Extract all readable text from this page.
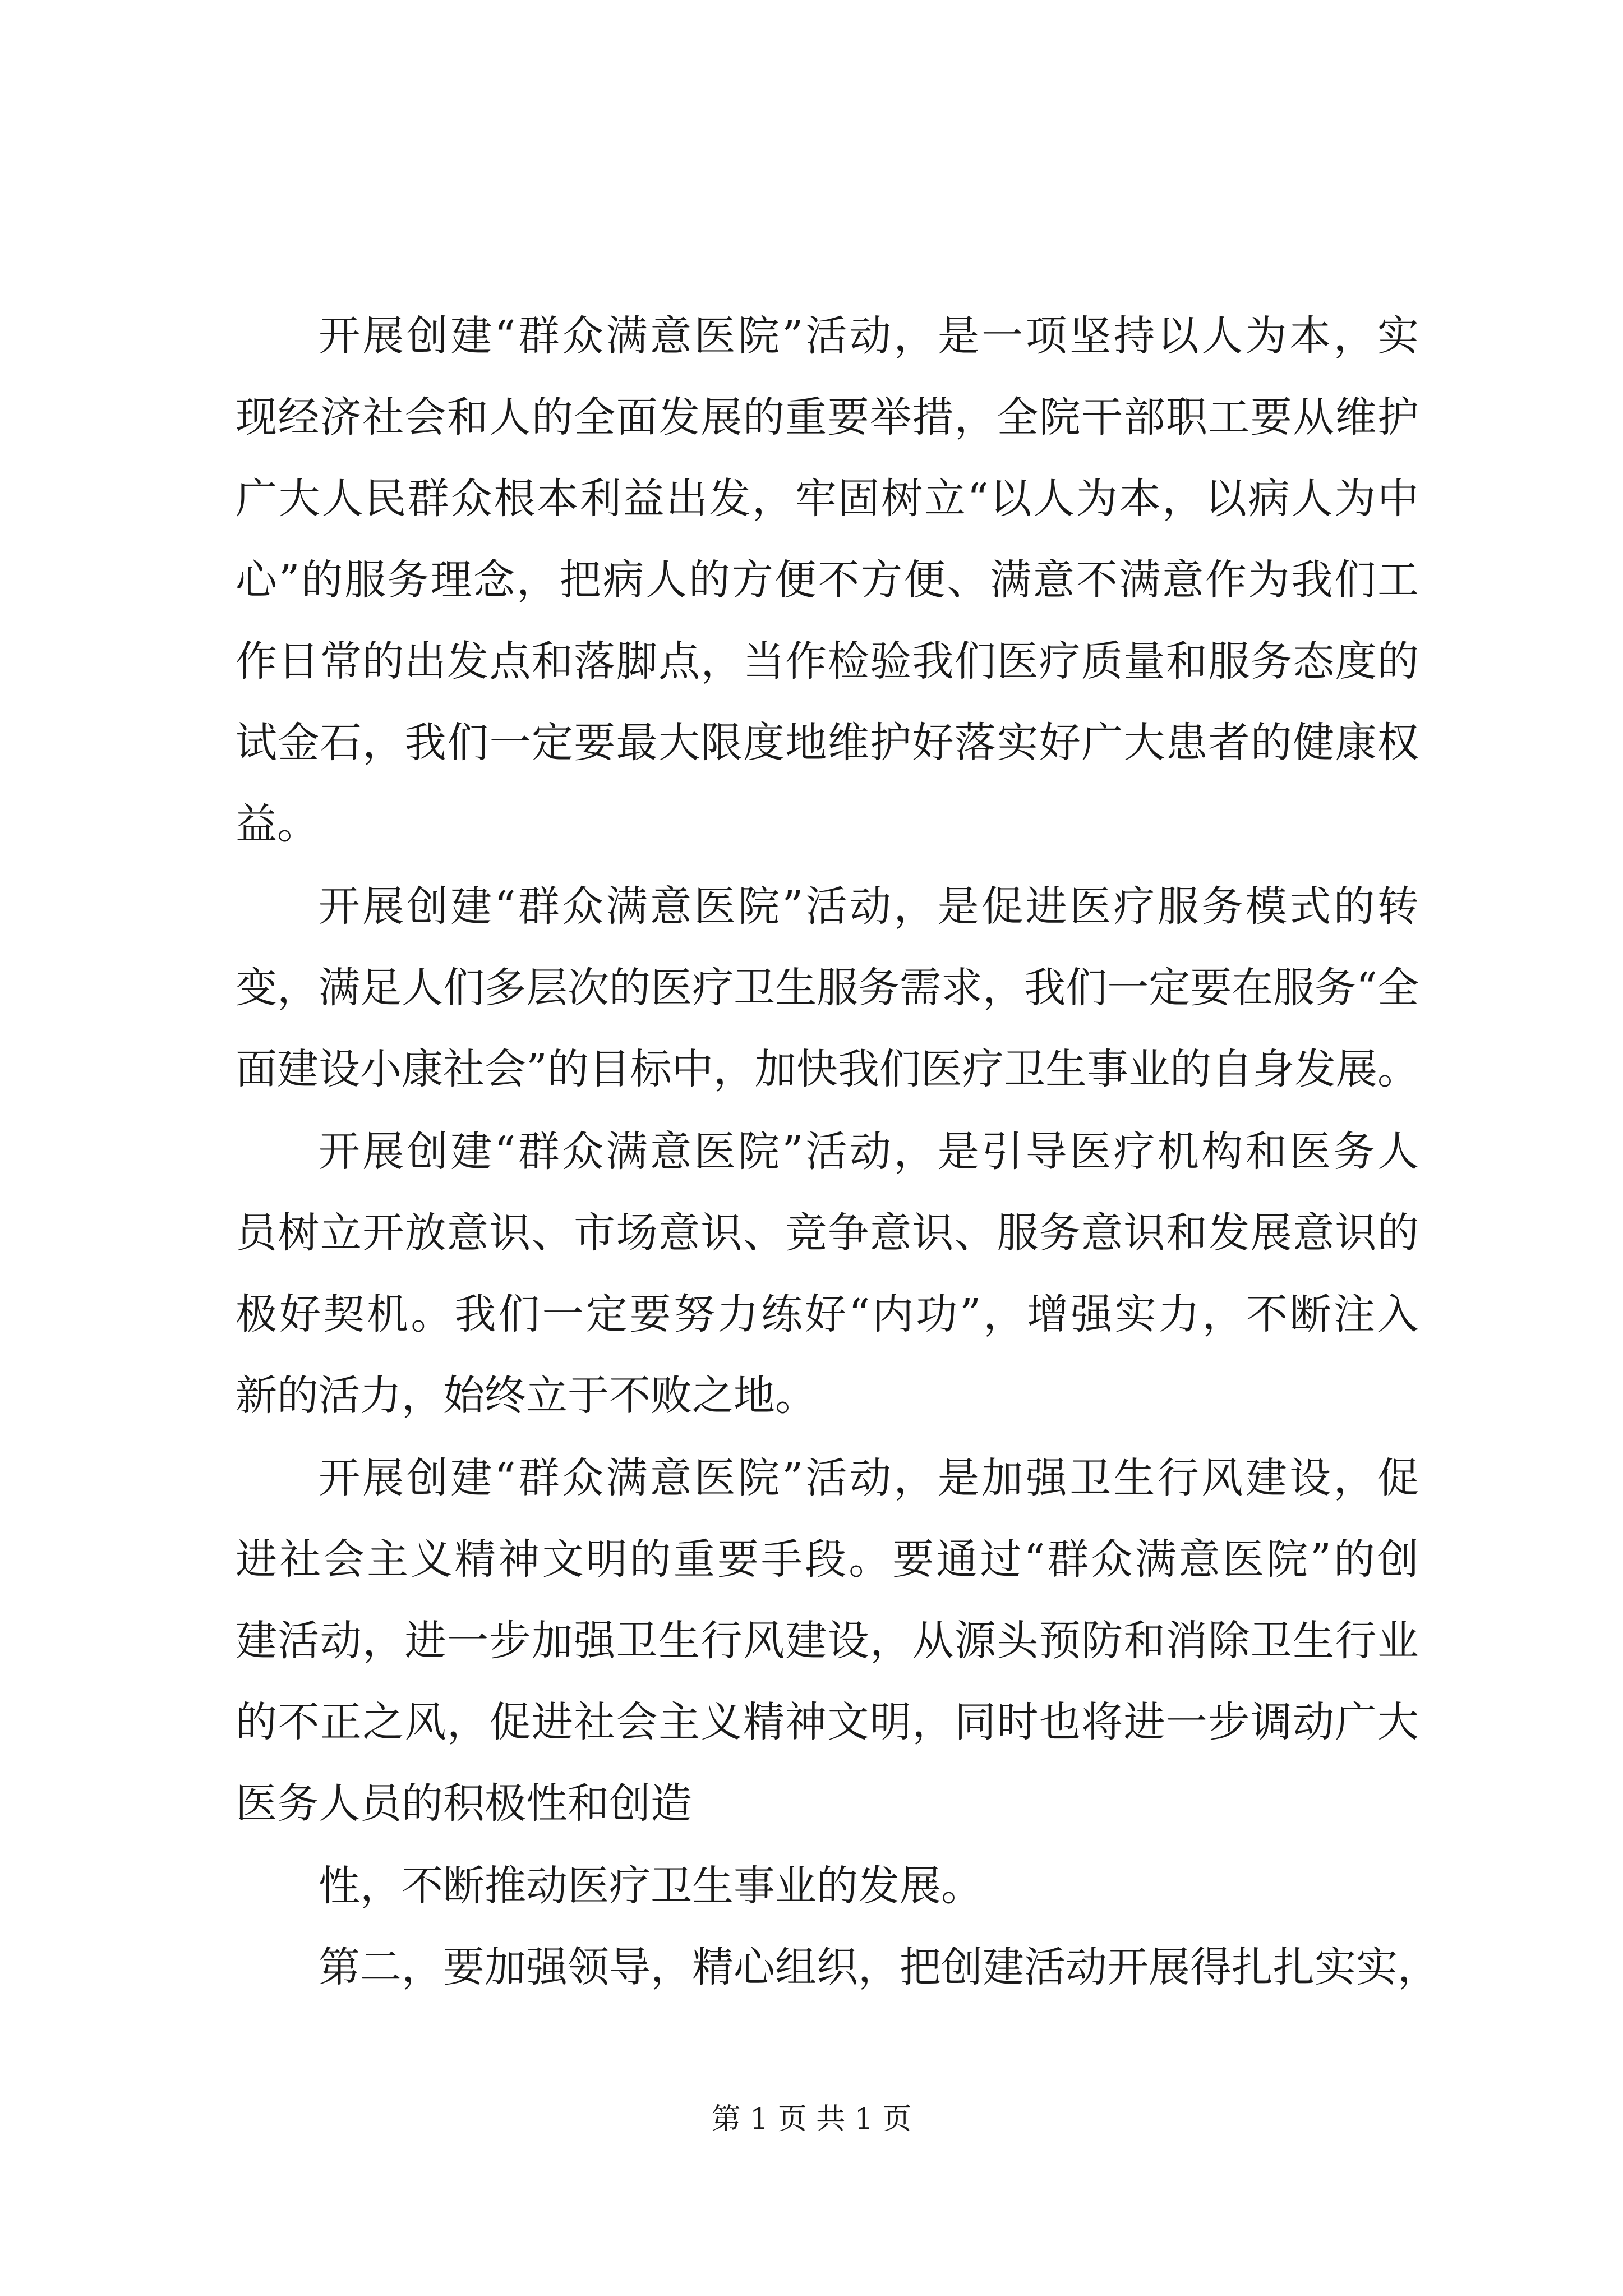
开展创建“群众满意医院”活动，是一项坚持以人为本，实
现经济社会和人的全面发展的重要举措，全院干部职工要从维护
广大人民群众根本利益出发，牢固树立“以人为本，以病人为中
心”的服务理念，把病人的方便不方便、满意不满意作为我们工
作日常的出发点和落脚点，当作检验我们医疗质量和服务态度的
试金石，我们一定要最大限度地维护好落实好广大患者的健康权
益。
开展创建“群众满意医院”活动，是促进医疗服务模式的转
变，满足人们多层次的医疗卫生服务需求，我们一定要在服务“全
面建设小康社会”的目标中，加快我们医疗卫生事业的自身发展。
开展创建“群众满意医院”活动，是引导医疗机构和医务人
员树立开放意识、市场意识、竞争意识、服务意识和发展意识的
极好契机。我们一定要努力练好“内功”，增强实力，不断注入
新的活力，始终立于不败之地。
开展创建“群众满意医院”活动，是加强卫生行风建设，促
进社会主义精神文明的重要手段。要通过“群众满意医院”的创
建活动，进一步加强卫生行风建设，从源头预防和消除卫生行业
的不正之风，促进社会主义精神文明，同时也将进一步调动广大
医务人员的积极性和创造
性，不断推动医疗卫生事业的发展。
第二，要加强领导，精心组织，把创建活动开展得扎扎实实，
第 1 页 共 1 页
